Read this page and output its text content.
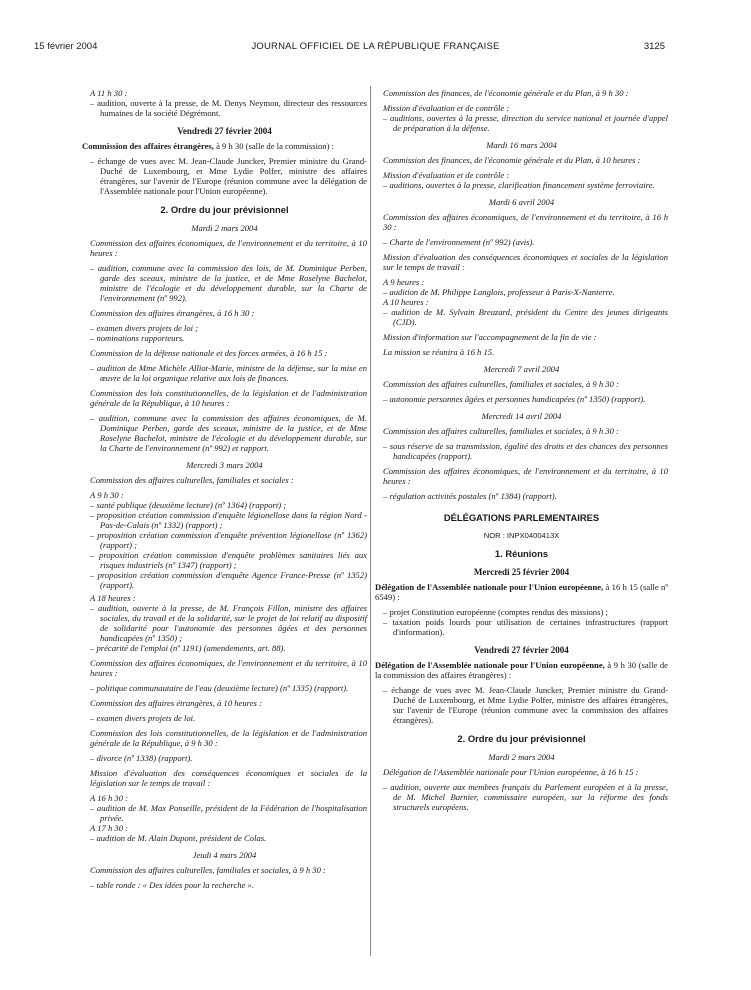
15 février 2004	JOURNAL OFFICIEL DE LA RÉPUBLIQUE FRANÇAISE	3125

A 11 h 30 :

– audition, ouverte à la presse, de M. Denys Neymon, directeur des ressources humaines de la société Dégrémont.

Vendredi 27 février 2004

Commission des affaires étrangères, à 9 h 30 (salle de la commission) :

– échange de vues avec M. Jean-Claude Juncker, Premier ministre du Grand-Duché de Luxembourg, et Mme Lydie Polfer, ministre des affaires étrangères, sur l'avenir de l'Europe (réunion commune avec la délégation de l'Assemblée nationale pour l'Union européenne).

2. Ordre du jour prévisionnel

Mardi 2 mars 2004

Commission des affaires économiques, de l'environnement et du territoire, à 10 heures :

– audition, commune avec la commission des lois, de M. Dominique Perben, garde des sceaux, ministre de la justice, et de Mme Roselyne Bachelot, ministre de l'écologie et du développement durable, sur la Charte de l'environnement (nº 992).

Commission des affaires étrangères, à 16 h 30 :

– examen divers projets de loi ;

– nominations rapporteurs.

Commission de la défense nationale et des forces armées, à 16 h 15 :

– audition de Mme Michèle Alliot-Marie, ministre de la défense, sur la mise en œuvre de la loi organique relative aux lois de finances.

Commission des lois constitutionnelles, de la législation et de l'administration générale de la République, à 10 heures :

– audition, commune avec la commission des affaires économiques, de M. Dominique Perben, garde des sceaux, ministre de la justice, et de Mme Roselyne Bachelot, ministre de l'écologie et du développement durable, sur la Charte de l'environnement (nº 992) et rapport.

Mercredi 3 mars 2004

Commission des affaires culturelles, familiales et sociales :

A 9 h 30 :

– santé publique (deuxième lecture) (nº 1364) (rapport) ;

– proposition création commission d'enquête légionellose dans la région Nord - Pas-de-Calais (nº 1332) (rapport) ;

– proposition création commission d'enquête prévention légionellose (nº 1362) (rapport) ;

– proposition création commission d'enquête problèmes sanitaires liés aux risques industriels (nº 1347) (rapport) ;

– proposition création commission d'enquête Agence France-Presse (nº 1352) (rapport).

A 18 heures :

– audition, ouverte à la presse, de M. François Fillon, ministre des affaires sociales, du travail et de la solidarité, sur le projet de loi relatif au dispositif de solidarité pour l'autonomie des personnes âgées et des personnes handicapées (nº 1350) ;

– précarité de l'emploi (nº 1191) (amendements, art. 88).

Commission des affaires économiques, de l'environnement et du territoire, à 10 heures :

– politique communautaire de l'eau (deuxième lecture) (nº 1335) (rapport).

Commission des affaires étrangères, à 10 heures :

– examen divers projets de loi.

Commission des lois constitutionnelles, de la législation et de l'administration générale de la République, à 9 h 30 :

– divorce (nº 1338) (rapport).

Mission d'évaluation des conséquences économiques et sociales de la législation sur le temps de travail :

A 16 h 30 :

– audition de M. Max Ponseille, président de la Fédération de l'hospitalisation privée.

A 17 h 30 :

– audition de M. Alain Dupont, président de Colas.

Jeudi 4 mars 2004

Commission des affaires culturelles, familiales et sociales, à 9 h 30 :

– table ronde : « Des idées pour la recherche ».

Commission des finances, de l'économie générale et du Plan, à 9 h 30 :

Mission d'évaluation et de contrôle :

– auditions, ouvertes à la presse, direction du service national et journée d'appel de préparation à la défense.

Mardi 16 mars 2004

Commission des finances, de l'économie générale et du Plan, à 10 heures :

Mission d'évaluation et de contrôle :

– auditions, ouvertes à la presse, clarification financement système ferroviaire.

Mardi 6 avril 2004

Commission des affaires économiques, de l'environnement et du territoire, à 16 h 30 :

– Charte de l'environnement (nº 992) (avis).

Mission d'évaluation des conséquences économiques et sociales de la législation sur le temps de travail :

A 9 heures :

– audition de M. Philippe Langlois, professeur à Paris-X-Nanterre.

A 10 heures :

– audition de M. Sylvain Breuzard, président du Centre des jeunes dirigeants (CJD).

Mission d'information sur l'accompagnement de la fin de vie :

La mission se réunira à 16 h 15.

Mercredi 7 avril 2004

Commission des affaires culturelles, familiales et sociales, à 9 h 30 :

– autonomie personnes âgées et personnes handicapées (nº 1350) (rapport).

Mercredi 14 avril 2004

Commission des affaires culturelles, familiales et sociales, à 9 h 30 :

– sous réserve de sa transmission, égalité des droits et des chances des personnes handicapées (rapport).

Commission des affaires économiques, de l'environnement et du territoire, à 10 heures :

– régulation activités postales (nº 1384) (rapport).

DÉLÉGATIONS PARLEMENTAIRES

NOR : INPX0400413X

1. Réunions

Mercredi 25 février 2004

Délégation de l'Assemblée nationale pour l'Union européenne, à 16 h 15 (salle nº 6549) :

– projet Constitution européenne (comptes rendus des missions) ;

– taxation poids lourds pour utilisation de certaines infrastructures (rapport d'information).

Vendredi 27 février 2004

Délégation de l'Assemblée nationale pour l'Union européenne, à 9 h 30 (salle de la commission des affaires étrangères) :

– échange de vues avec M. Jean-Claude Juncker, Premier ministre du Grand-Duché de Luxembourg, et Mme Lydie Polfer, ministre des affaires étrangères, sur l'avenir de l'Europe (réunion commune avec la commission des affaires étrangères).

2. Ordre du jour prévisionnel

Mardi 2 mars 2004

Délégation de l'Assemblée nationale pour l'Union européenne, à 16 h 15 :

– audition, ouverte aux membres français du Parlement européen et à la presse, de M. Michel Barnier, commissaire européen, sur la réforme des fonds structurels européens.
